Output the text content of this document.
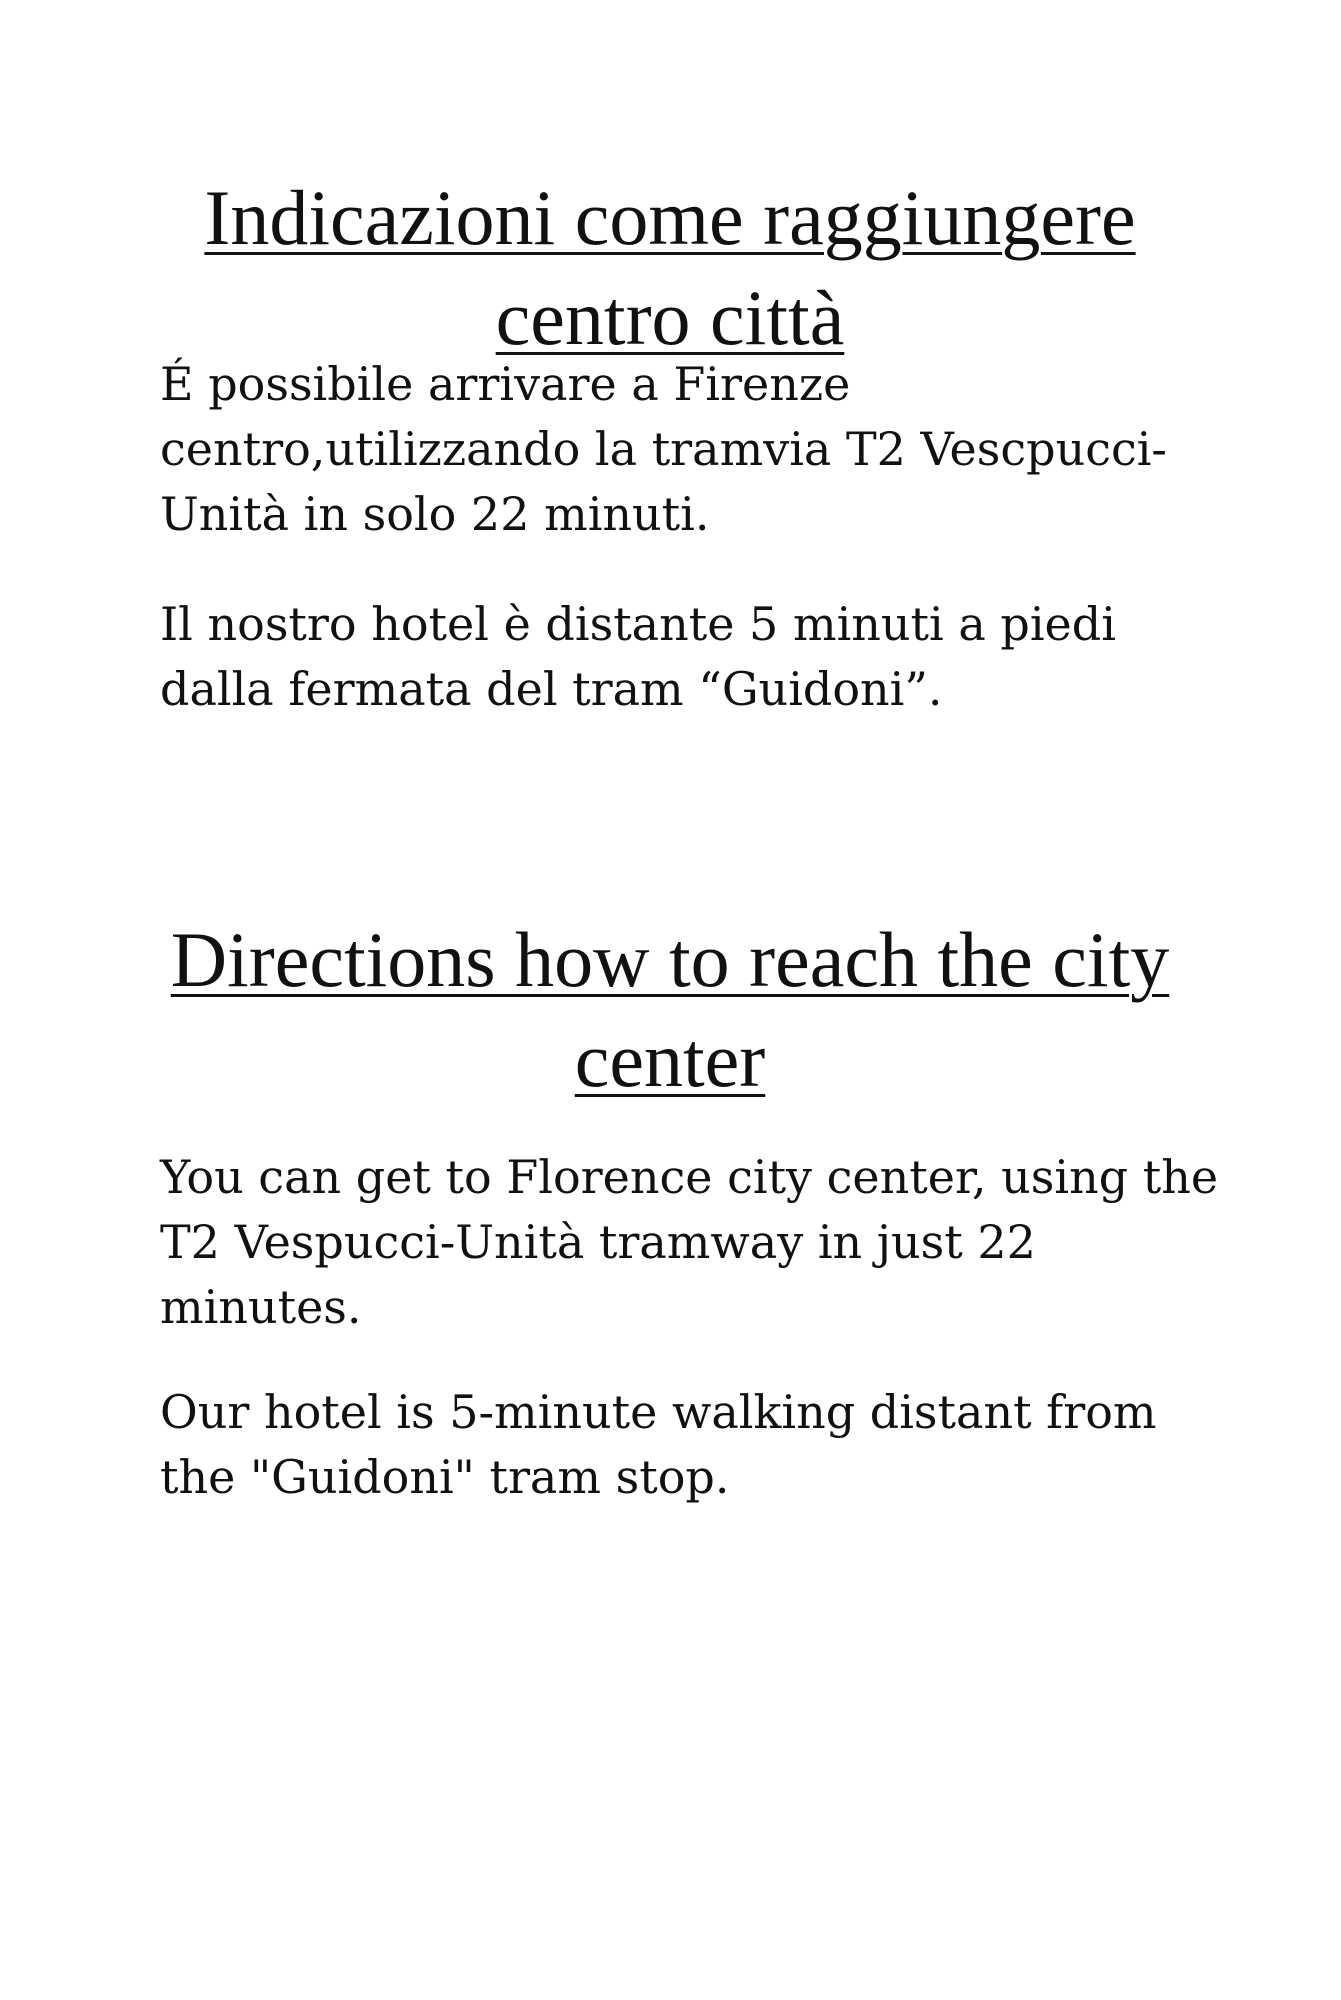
Indicazioni come raggiungere centro città

É possibile arrivare a Firenze centro,utilizzando la tramvia T2 Vescpucci-Unità in solo 22 minuti.

Il nostro hotel è distante 5 minuti a piedi dalla fermata del tram “Guidoni”.

Directions how to reach the city center

You can get to Florence city center, using the T2 Vespucci-Unità tramway in just 22 minutes.

Our hotel is 5-minute walking distant from the "Guidoni" tram stop.
